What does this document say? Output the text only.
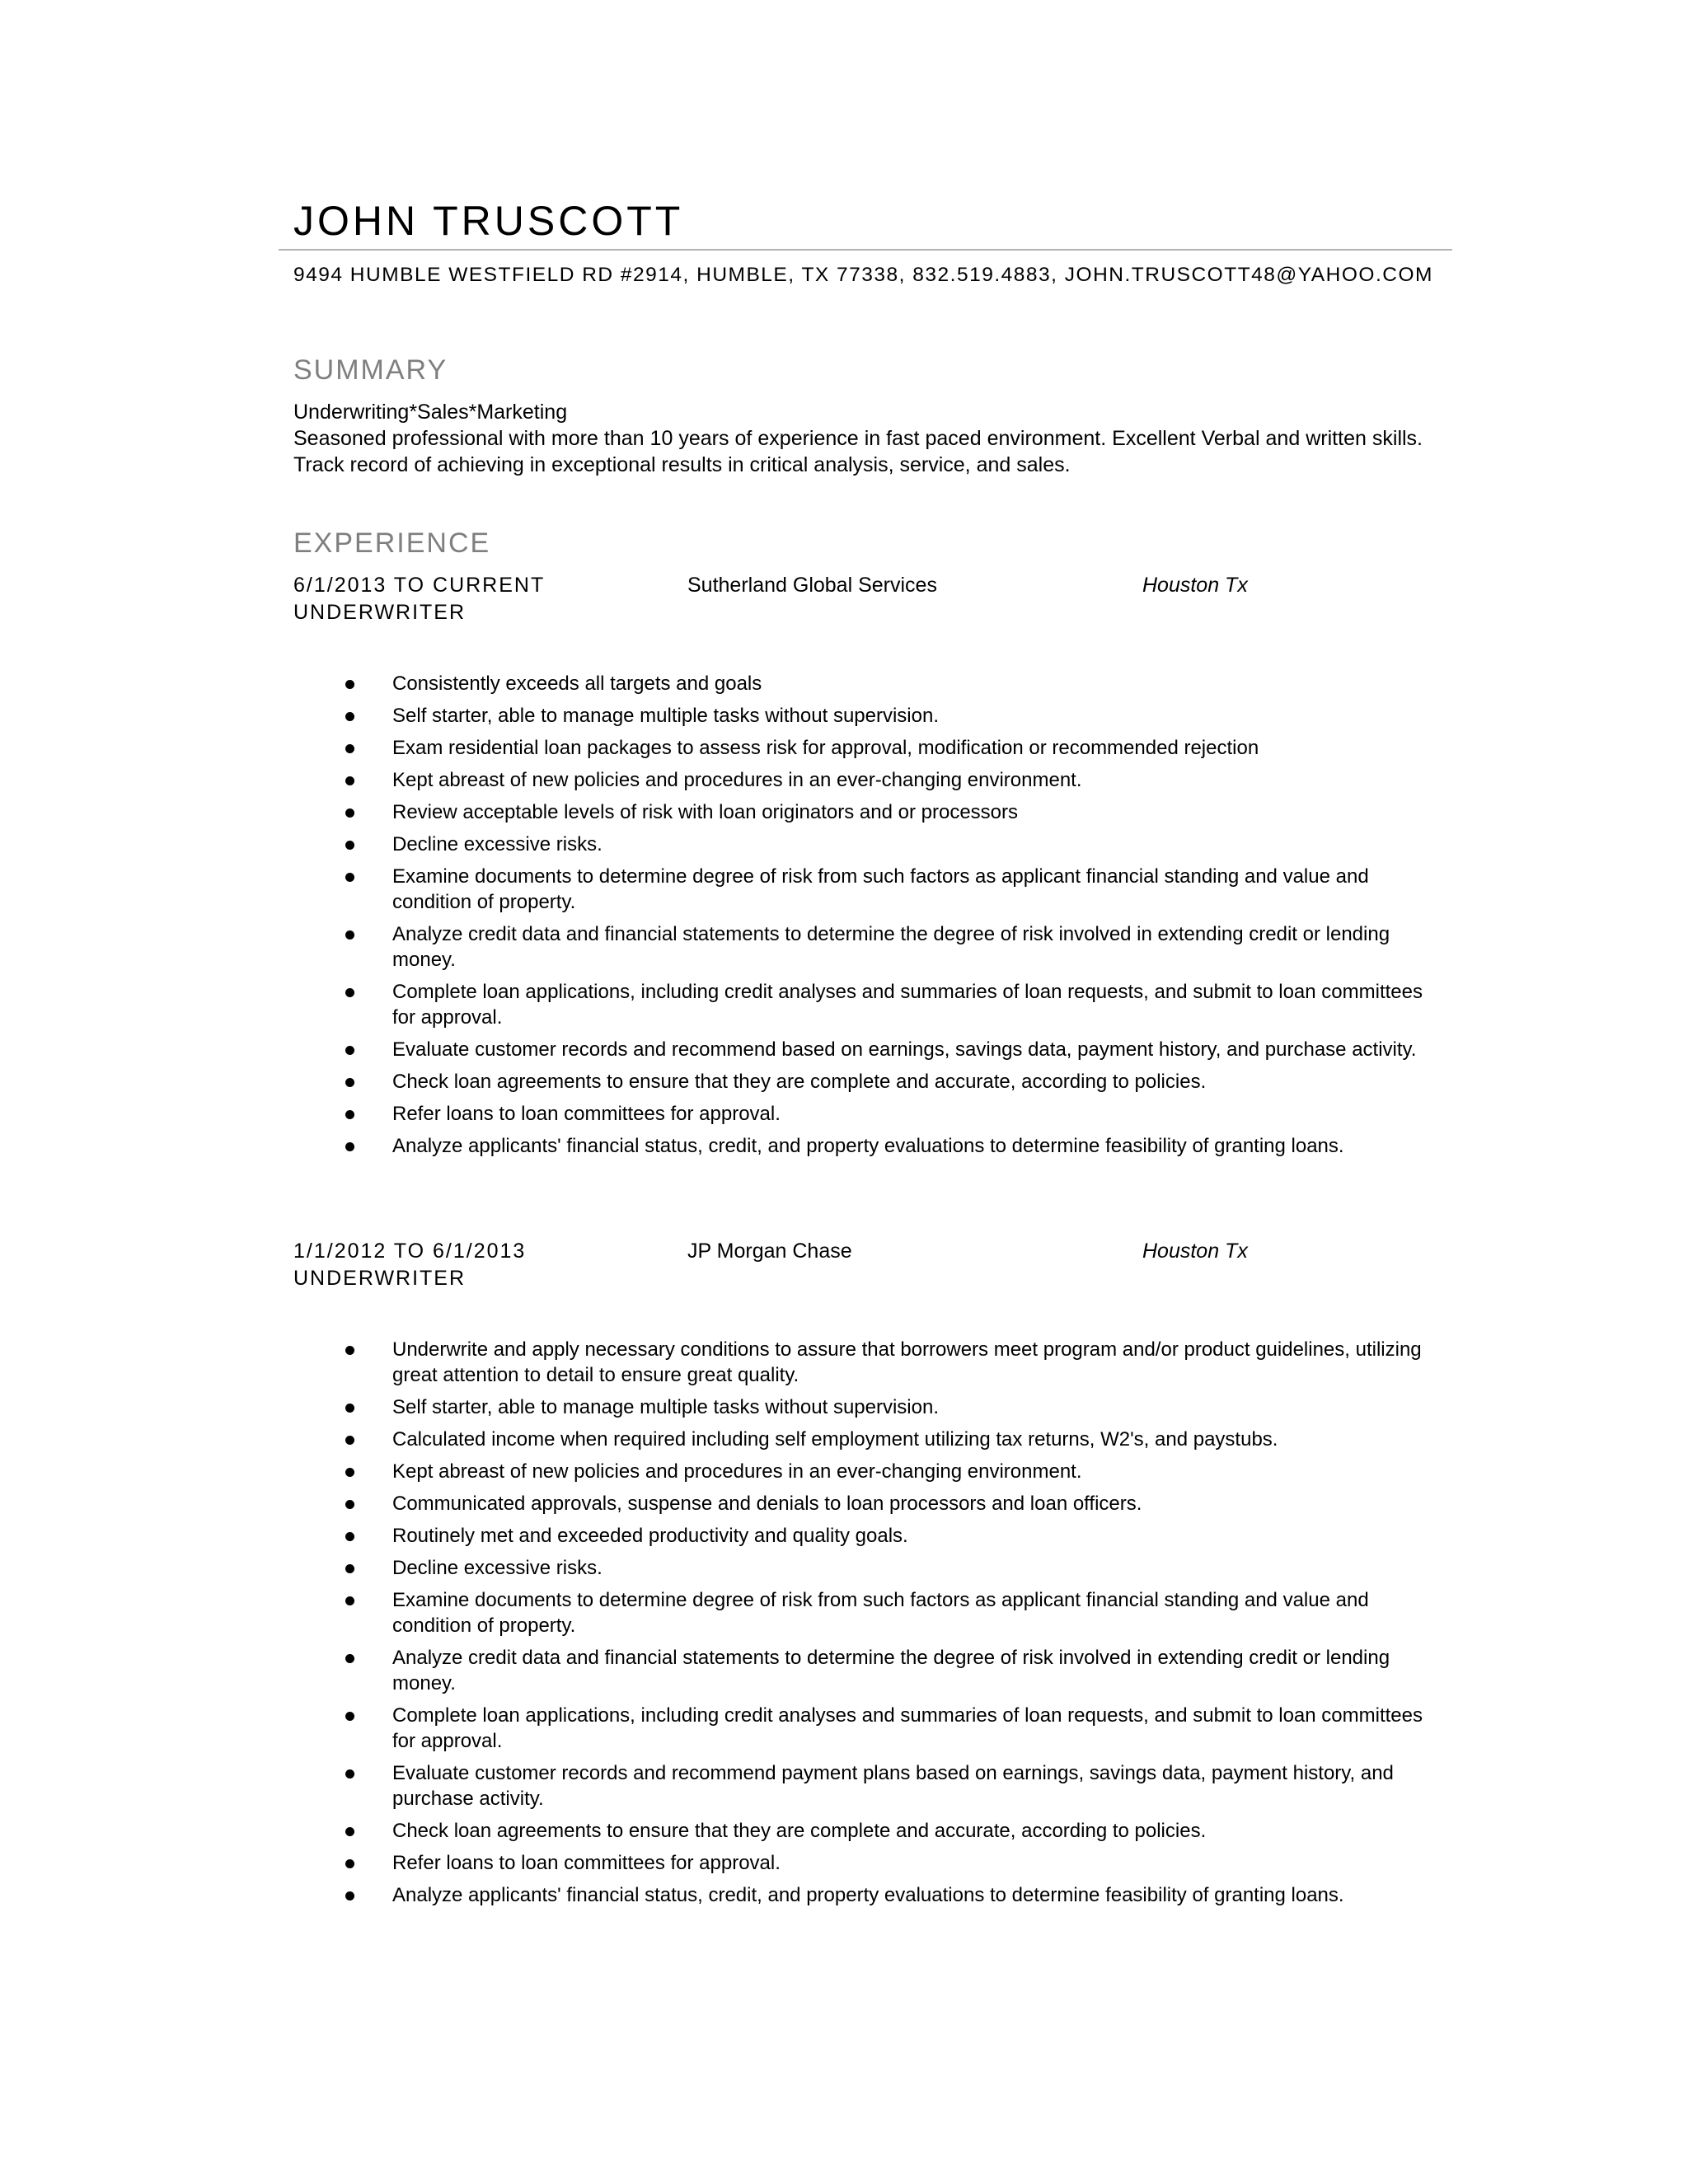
JOHN TRUSCOTT
9494 HUMBLE WESTFIELD RD #2914, HUMBLE, TX 77338, 832.519.4883, JOHN.TRUSCOTT48@YAHOO.COM
SUMMARY
Underwriting*Sales*Marketing
Seasoned professional with more than 10 years of experience in fast paced environment. Excellent Verbal and written skills. Track record of achieving in exceptional results in critical analysis, service, and sales.
EXPERIENCE
6/1/2013 TO CURRENT
UNDERWRITER
Sutherland Global Services	Houston Tx
Consistently exceeds all targets and goals
Self starter, able to manage multiple tasks without supervision.
Exam residential loan packages to assess risk for approval, modification or recommended rejection
Kept abreast of new policies and procedures in an ever-changing environment.
Review acceptable levels of risk with loan originators and or processors
Decline excessive risks.
Examine documents to determine degree of risk from such factors as applicant financial standing and value and condition of property.
Analyze credit data and financial statements to determine the degree of risk involved in extending credit or lending money.
Complete loan applications, including credit analyses and summaries of loan requests, and submit to loan committees for approval.
Evaluate customer records and recommend based on earnings, savings data, payment history, and purchase activity.
Check loan agreements to ensure that they are complete and accurate, according to policies.
Refer loans to loan committees for approval.
Analyze applicants' financial status, credit, and property evaluations to determine feasibility of granting loans.
1/1/2012 TO 6/1/2013
UNDERWRITER
JP Morgan Chase	Houston Tx
Underwrite and apply necessary conditions to assure that borrowers meet program and/or product guidelines, utilizing great attention to detail to ensure great quality.
Self starter, able to manage multiple tasks without supervision.
Calculated income when required including self employment utilizing tax returns, W2's, and paystubs.
Kept abreast of new policies and procedures in an ever-changing environment.
Communicated approvals, suspense and denials to loan processors and loan officers.
Routinely met and exceeded productivity and quality goals.
Decline excessive risks.
Examine documents to determine degree of risk from such factors as applicant financial standing and value and condition of property.
Analyze credit data and financial statements to determine the degree of risk involved in extending credit or lending money.
Complete loan applications, including credit analyses and summaries of loan requests, and submit to loan committees for approval.
Evaluate customer records and recommend payment plans based on earnings, savings data, payment history, and purchase activity.
Check loan agreements to ensure that they are complete and accurate, according to policies.
Refer loans to loan committees for approval.
Analyze applicants' financial status, credit, and property evaluations to determine feasibility of granting loans.
